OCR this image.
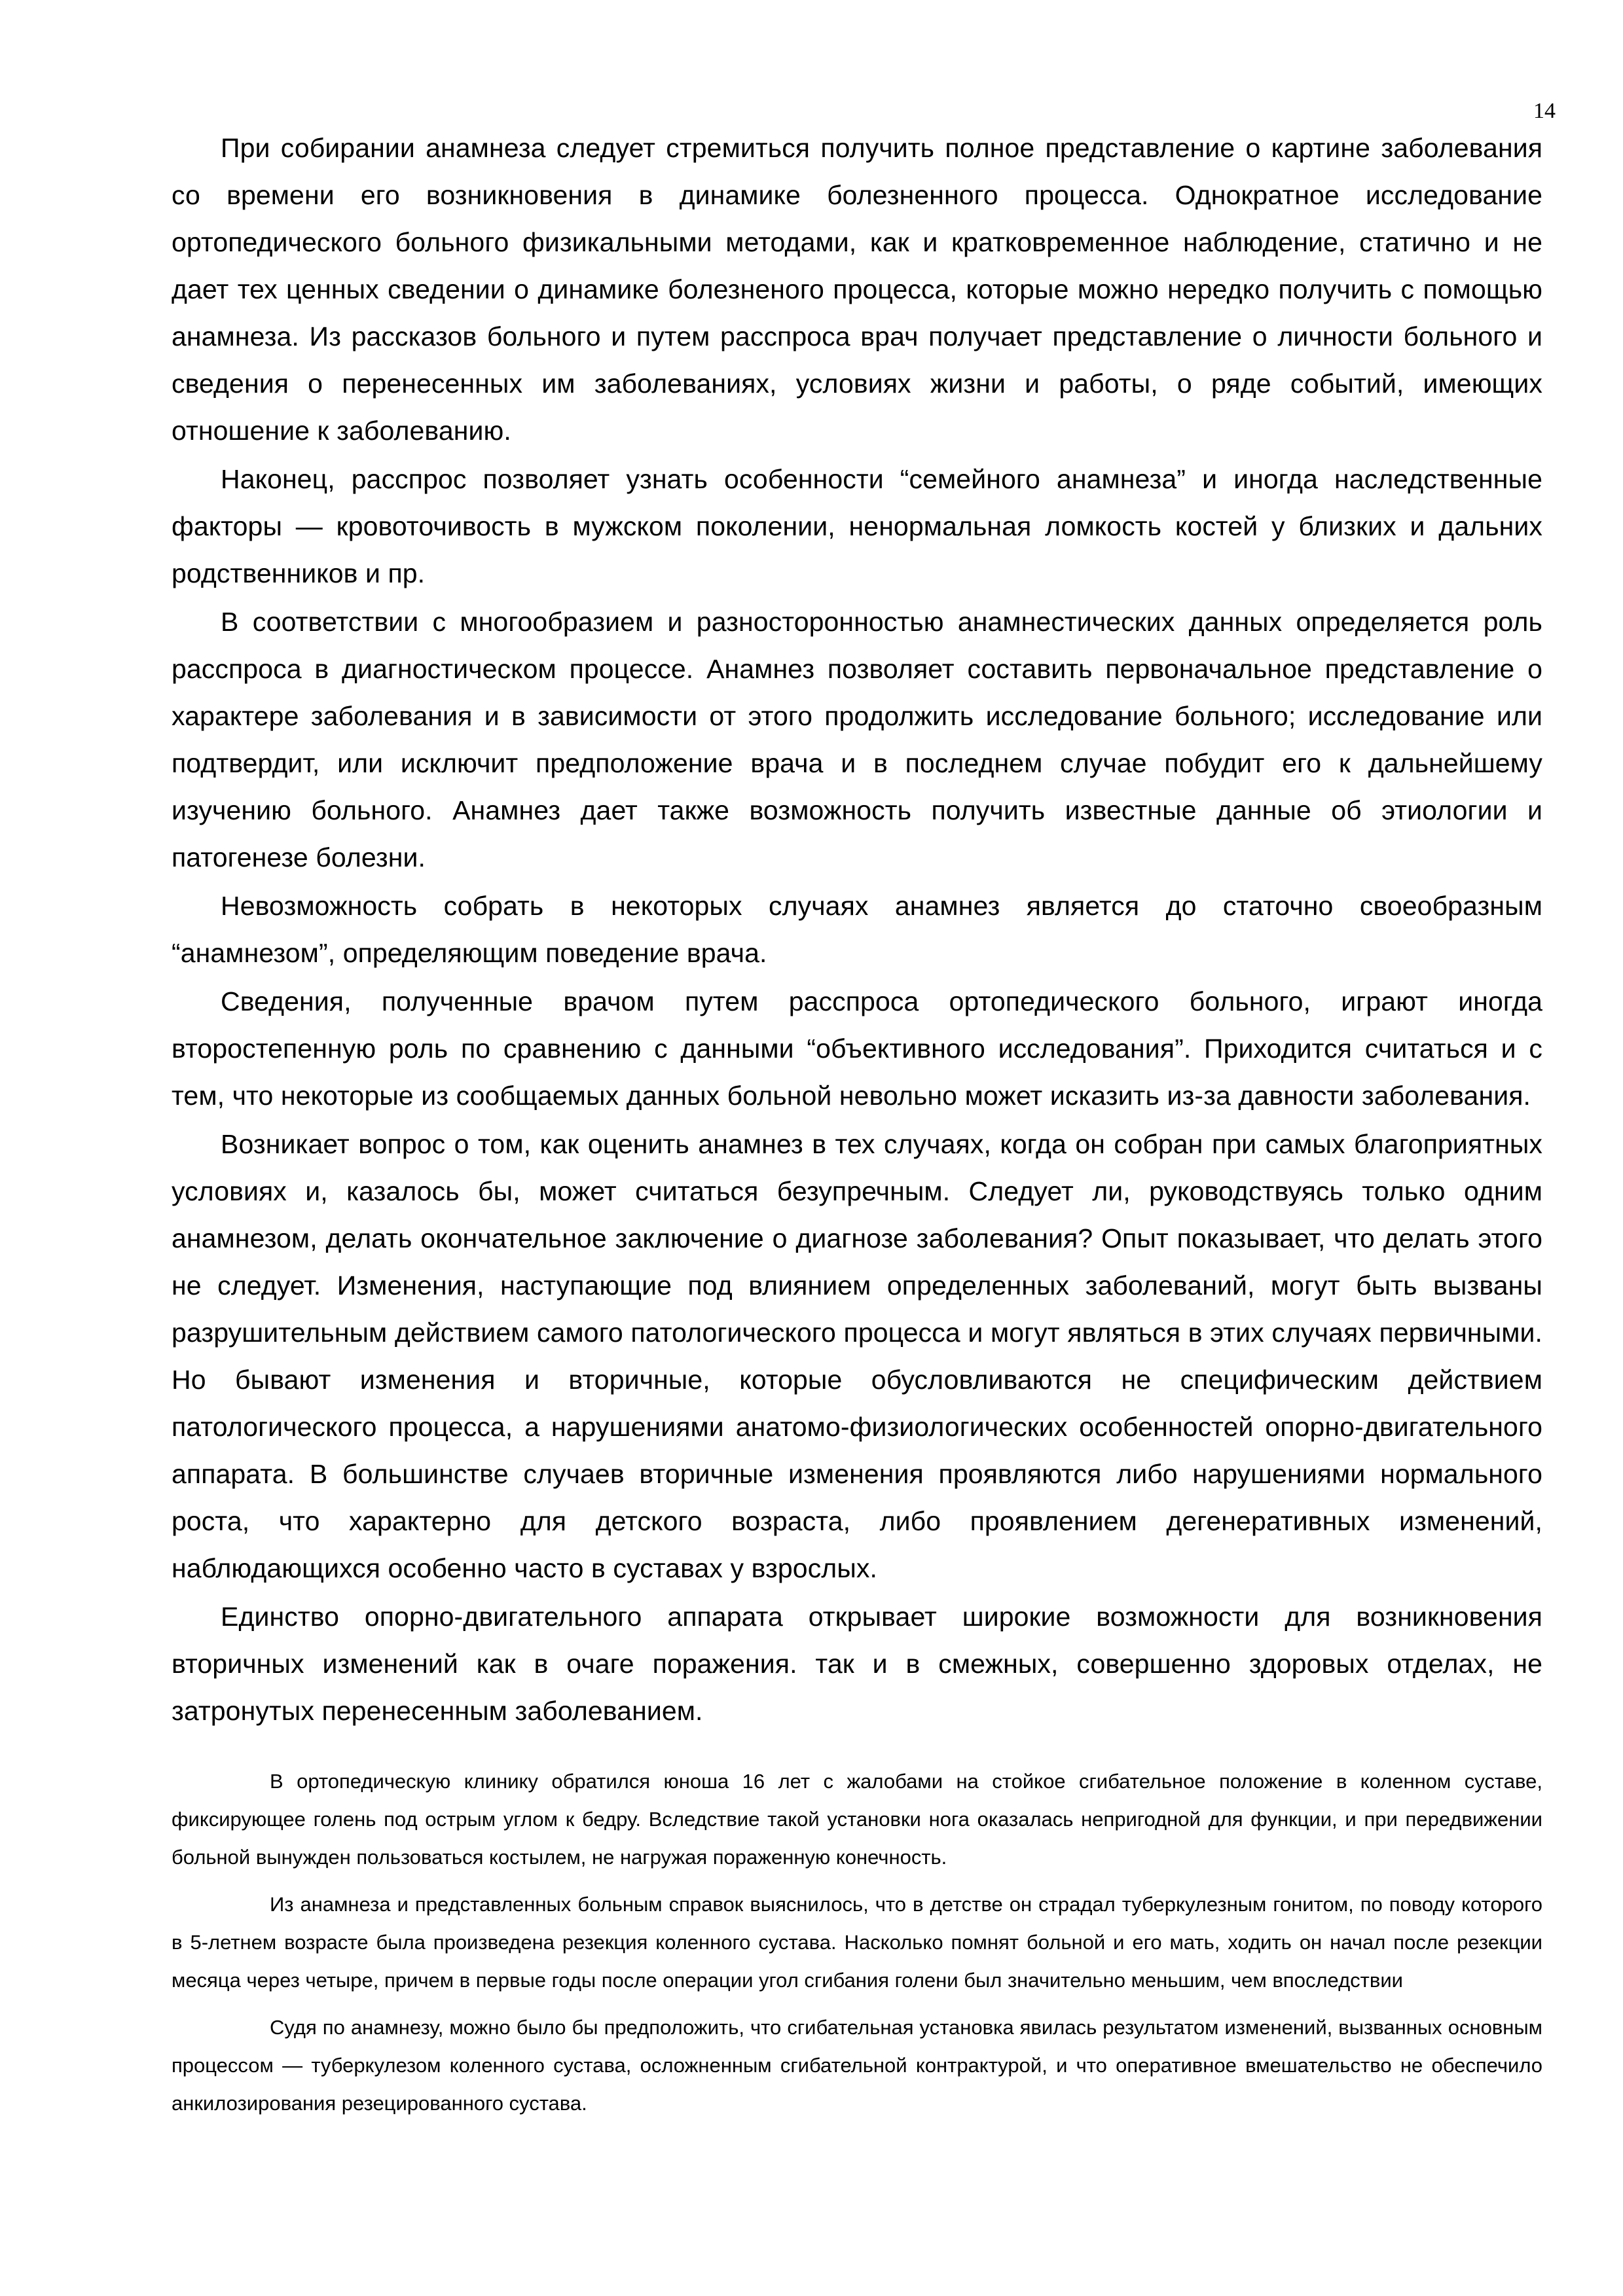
14

При собирании анамнеза следует стремиться получить полное представление о картине заболевания со времени его возникновения в динамике болезненного процесса. Однократное исследование ортопедического больного физикальными методами, как и кратковременное наблюдение, статично и не дает тех ценных сведении о динамике болезненого процесса, которые можно нередко получить с помощью анамнеза. Из рассказов больного и путем расспроса врач получает представление о личности больного и сведения о перенесенных им заболеваниях, условиях жизни и работы, о ряде событий, имеющих отношение к заболеванию.

Наконец, расспрос позволяет узнать особенности “семейного анамнеза” и иногда наследственные факторы — кровоточивость в мужском поколении, ненормальная ломкость костей у близких и дальних родственников и пр.

В соответствии с многообразием и разносторонностью анамнестических данных определяется роль расспроса в диагностическом процессе. Анамнез позволяет составить первоначальное представление о характере заболевания и в зависимости от этого продолжить исследование больного; исследование или подтвердит, или исключит предположение врача и в последнем случае побудит его к дальнейшему изучению больного. Анамнез дает также возможность получить известные данные об этиологии и патогенезе болезни.

Невозможность собрать в некоторых случаях анамнез является до статочно своеобразным “анамнезом”, определяющим поведение врача.

Сведения, полученные врачом путем расспроса ортопедического больного, играют иногда второстепенную роль по сравнению с данными “объективного исследования”. Приходится считаться и с тем, что некоторые из сообщаемых данных больной невольно может исказить из-за давности заболевания.

Возникает вопрос о том, как оценить анамнез в тех случаях, когда он собран при самых благоприятных условиях и, казалось бы, может считаться безупречным. Следует ли, руководствуясь только одним анамнезом, делать окончательное заключение о диагнозе заболевания? Опыт показывает, что делать этого не следует. Изменения, наступающие под влиянием определенных заболеваний, могут быть вызваны разрушительным действием самого патологического процесса и могут являться в этих случаях первичными. Но бывают изменения и вторичные, которые обусловливаются не специфическим действием патологического процесса, а нарушениями анатомо-физиологических особенностей опорно-двигательного аппарата. В большинстве случаев вторичные изменения проявляются либо нарушениями нормального роста, что характерно для детского возраста, либо проявлением дегенеративных изменений, наблюдающихся особенно часто в суставах у взрослых.

Единство опорно-двигательного аппарата открывает широкие возможности для возникновения вторичных изменений как в очаге поражения. так и в смежных, совершенно здоровых отделах, не затронутых перенесенным заболеванием.

В ортопедическую клинику обратился юноша 16 лет с жалобами на стойкое сгибательное положение в коленном суставе, фиксирующее голень под острым углом к бедру. Вследствие такой установки нога оказалась непригодной для функции, и при передвижении больной вынужден пользоваться костылем, не нагружая пораженную конечность.

Из анамнеза и представленных больным справок выяснилось, что в детстве он страдал туберкулезным гонитом, по поводу которого в 5-летнем возрасте была произведена резекция коленного сустава. Насколько помнят больной и его мать, ходить он начал после резекции месяца через четыре, причем в первые годы после операции угол сгибания голени был значительно меньшим, чем впоследствии

Судя по анамнезу, можно было бы предположить, что сгибательная установка явилась результатом изменений, вызванных основным процессом — туберкулезом коленного сустава, осложненным сгибательной контрактурой, и что оперативное вмешательство не обеспечило анкилозирования резецированного сустава.
